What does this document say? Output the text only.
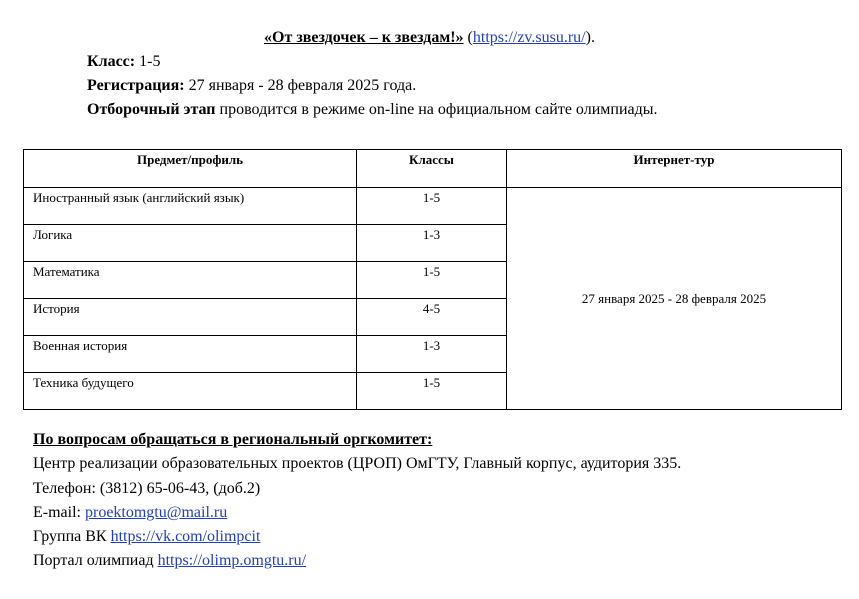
«От звездочек – к звездам!» (https://zv.susu.ru/).
Класс: 1-5
Регистрация: 27 января - 28 февраля 2025 года.
Отборочный этап проводится в режиме on-line на официальном сайте олимпиады.
Предмет/профиль	Классы	Интернет-тур
Иностранный язык (английский язык)	1-5	27 января 2025 - 28 февраля 2025
Логика	1-3	
Математика	1-5	
История	4-5	
Военная история	1-3	
Техника будущего	1-5	
По вопросам обращаться в региональный оргкомитет:
Центр реализации образовательных проектов (ЦРОП) ОмГТУ, Главный корпус, аудитория 335.
Телефон: (3812) 65-06-43, (доб.2)
E-mail: proektomgtu@mail.ru
Группа ВК https://vk.com/olimpcit
Портал олимпиад https://olimp.omgtu.ru/
